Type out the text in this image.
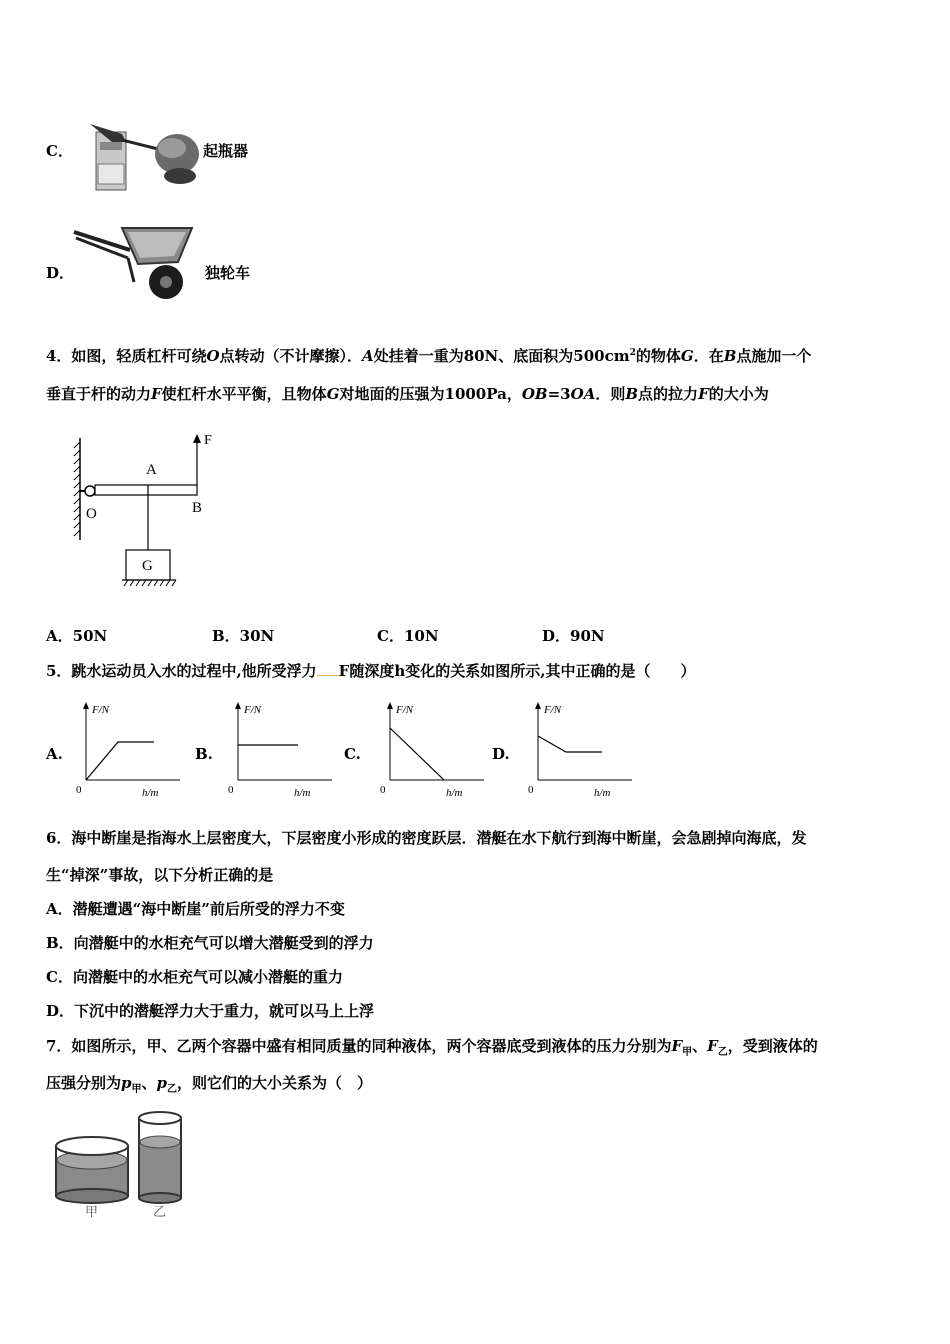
C．	起瓶器
D．	独轮车
4．如图，轻质杠杆可绕O点转动（不计摩擦）．A处挂着一重为80N、底面积为$500cm^2$的物体G．在B点施加一个
垂直于杆的动力F使杠杆水平平衡，且物体G对地面的压强为1000Pa，OB=3OA．则B点的拉力F的大小为
F
A
O	B
G
A．50N	B．30N	C．10N	D．90N
5．跳水运动员入水的过程中,他所受浮力 F随深度h变化的关系如图所示,其中正确的是（　　）
A.
F/N
0	h/m
B.
F/N
0	h/m
C.
F/N
0	h/m
D.
F/N
0	h/m
6．海中断崖是指海水上层密度大，下层密度小形成的密度跃层．潜艇在水下航行到海中断崖，会急剧掉向海底，发
生“掉深”事故，以下分析正确的是
A．潜艇遭遇“海中断崖”前后所受的浮力不变
B．向潜艇中的水柜充气可以增大潜艇受到的浮力
C．向潜艇中的水柜充气可以减小潜艇的重力
D．下沉中的潜艇浮力大于重力，就可以马上上浮
7．如图所示，甲、乙两个容器中盛有相同质量的同种液体，两个容器底受到液体的压力分别为$F_甲$、$F_乙$，受到液体的
压强分别为$p_甲$、$p_乙$，则它们的大小关系为（　）
甲	乙
